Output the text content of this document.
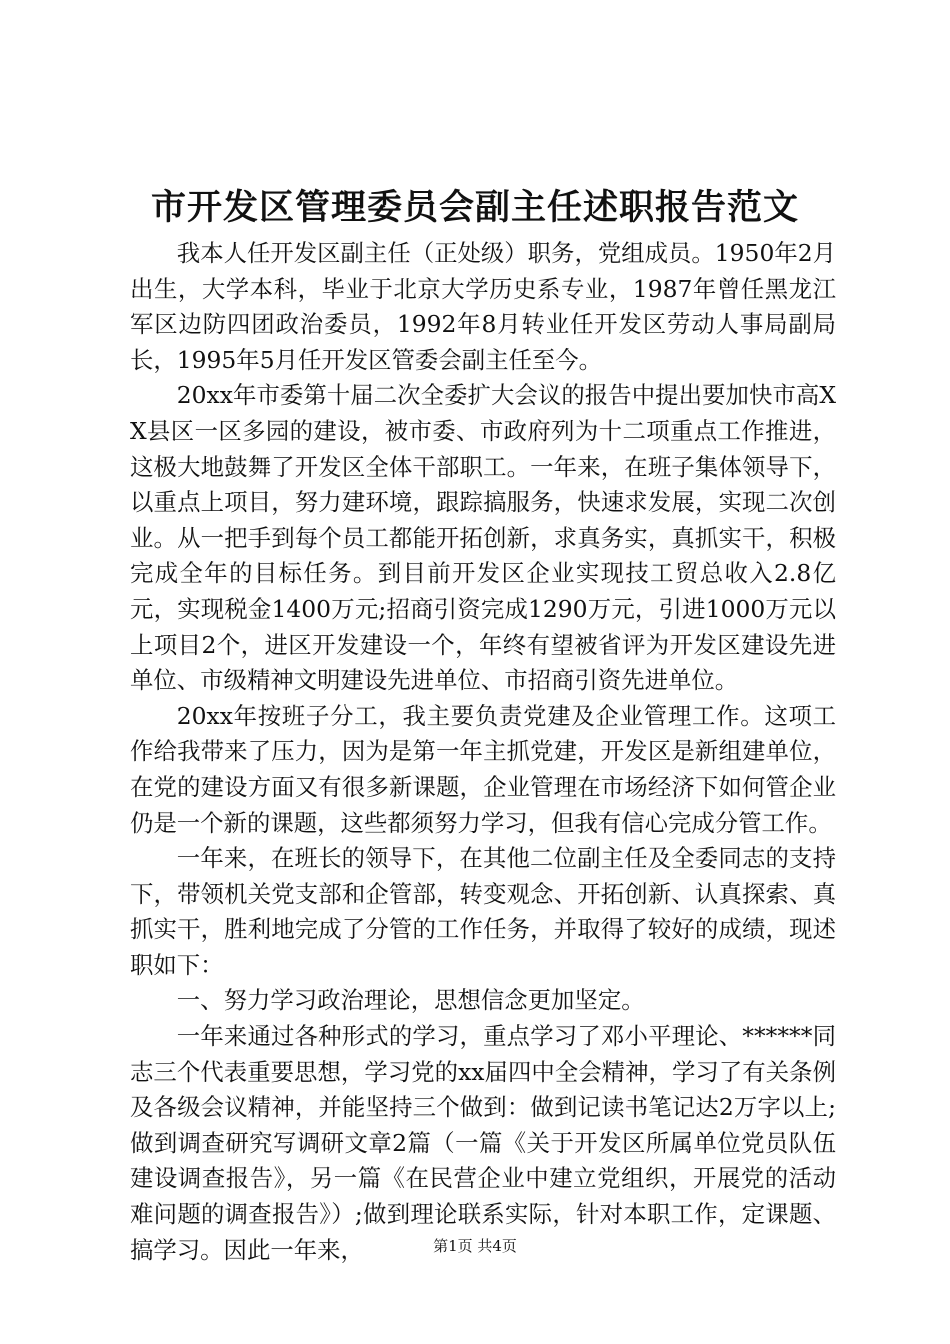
市开发区管理委员会副主任述职报告范文

我本人任开发区副主任（正处级）职务，党组成员。1950年2月出生，大学本科，毕业于北京大学历史系专业，1987年曾任黑龙江军区边防四团政治委员，1992年8月转业任开发区劳动人事局副局长，1995年5月任开发区管委会副主任至今。

20xx年市委第十届二次全委扩大会议的报告中提出要加快市高XX县区一区多园的建设，被市委、市政府列为十二项重点工作推进，这极大地鼓舞了开发区全体干部职工。一年来，在班子集体领导下，以重点上项目，努力建环境，跟踪搞服务，快速求发展，实现二次创业。从一把手到每个员工都能开拓创新，求真务实，真抓实干，积极完成全年的目标任务。到目前开发区企业实现技工贸总收入2.8亿元，实现税金1400万元;招商引资完成1290万元，引进1000万元以上项目2个，进区开发建设一个，年终有望被省评为开发区建设先进单位、市级精神文明建设先进单位、市招商引资先进单位。

20xx年按班子分工，我主要负责党建及企业管理工作。这项工作给我带来了压力，因为是第一年主抓党建，开发区是新组建单位，在党的建设方面又有很多新课题，企业管理在市场经济下如何管企业仍是一个新的课题，这些都须努力学习，但我有信心完成分管工作。

一年来，在班长的领导下，在其他二位副主任及全委同志的支持下，带领机关党支部和企管部，转变观念、开拓创新、认真探索、真抓实干，胜利地完成了分管的工作任务，并取得了较好的成绩，现述职如下：

一、努力学习政治理论，思想信念更加坚定。

一年来通过各种形式的学习，重点学习了邓小平理论、******同志三个代表重要思想，学习党的xx届四中全会精神，学习了有关条例及各级会议精神，并能坚持三个做到：做到记读书笔记达2万字以上;做到调查研究写调研文章2篇（一篇《关于开发区所属单位党员队伍建设调查报告》，另一篇《在民营企业中建立党组织，开展党的活动难问题的调查报告》）;做到理论联系实际，针对本职工作，定课题、搞学习。因此一年来，	第1页 共4页
